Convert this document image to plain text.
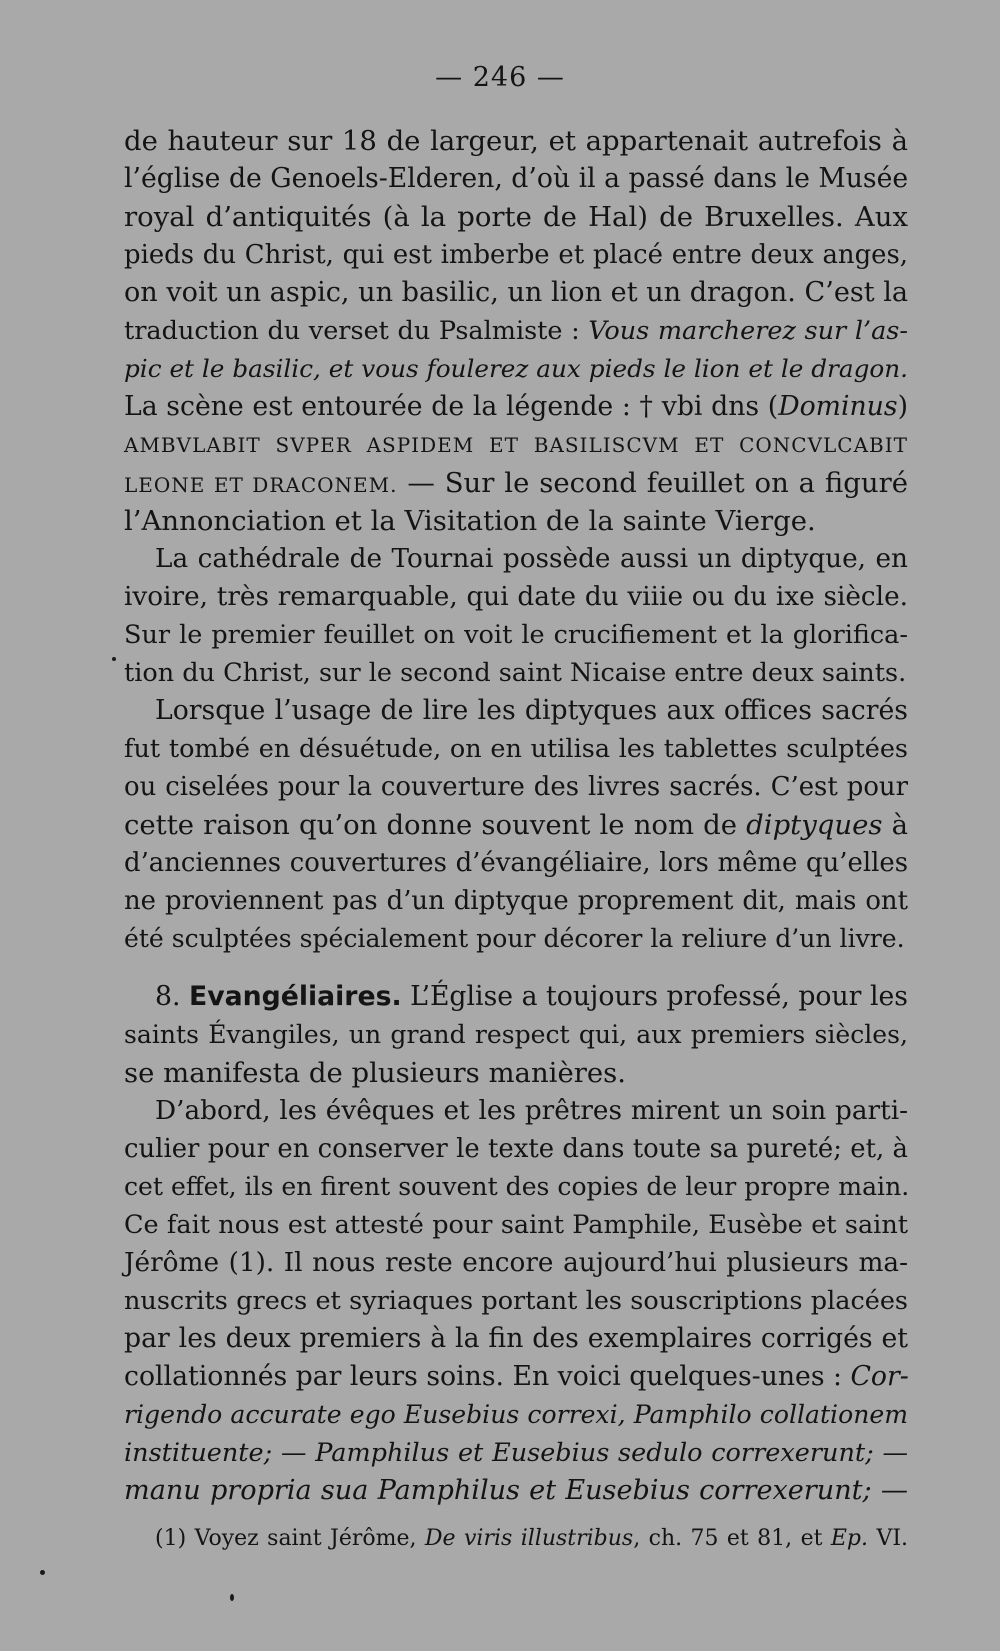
— 246 —
de hauteur sur 18 de largeur, et appartenait autrefois à
l’église de Genoels-Elderen, d’où il a passé dans le Musée
royal d’antiquités (à la porte de Hal) de Bruxelles. Aux
pieds du Christ, qui est imberbe et placé entre deux anges,
on voit un aspic, un basilic, un lion et un dragon. C’est la
traduction du verset du Psalmiste : Vous marcherez sur l’as-
pic et le basilic, et vous foulerez aux pieds le lion et le dragon.
La scène est entourée de la légende : † vbi dns (Dominus)
AMBVLABIT SVPER ASPIDEM ET BASILISCVM ET CONCVLCABIT
LEONE ET DRACONEM. — Sur le second feuillet on a figuré
l’Annonciation et la Visitation de la sainte Vierge.
La cathédrale de Tournai possède aussi un diptyque, en
ivoire, très remarquable, qui date du viiie ou du ixe siècle.
Sur le premier feuillet on voit le crucifiement et la glorifica-
tion du Christ, sur le second saint Nicaise entre deux saints.
Lorsque l’usage de lire les diptyques aux offices sacrés
fut tombé en désuétude, on en utilisa les tablettes sculptées
ou ciselées pour la couverture des livres sacrés. C’est pour
cette raison qu’on donne souvent le nom de diptyques à
d’anciennes couvertures d’évangéliaire, lors même qu’elles
ne proviennent pas d’un diptyque proprement dit, mais ont
été sculptées spécialement pour décorer la reliure d’un livre.
8. Evangéliaires. L’Église a toujours professé, pour les
saints Évangiles, un grand respect qui, aux premiers siècles,
se manifesta de plusieurs manières.
D’abord, les évêques et les prêtres mirent un soin parti-
culier pour en conserver le texte dans toute sa pureté; et, à
cet effet, ils en firent souvent des copies de leur propre main.
Ce fait nous est attesté pour saint Pamphile, Eusèbe et saint
Jérôme (1). Il nous reste encore aujourd’hui plusieurs ma-
nuscrits grecs et syriaques portant les souscriptions placées
par les deux premiers à la fin des exemplaires corrigés et
collationnés par leurs soins. En voici quelques-unes : Cor-
rigendo accurate ego Eusebius correxi, Pamphilo collationem
instituente; — Pamphilus et Eusebius sedulo correxerunt; —
manu propria sua Pamphilus et Eusebius correxerunt; —
(1) Voyez saint Jérôme, De viris illustribus, ch. 75 et 81, et Ep. VI.
